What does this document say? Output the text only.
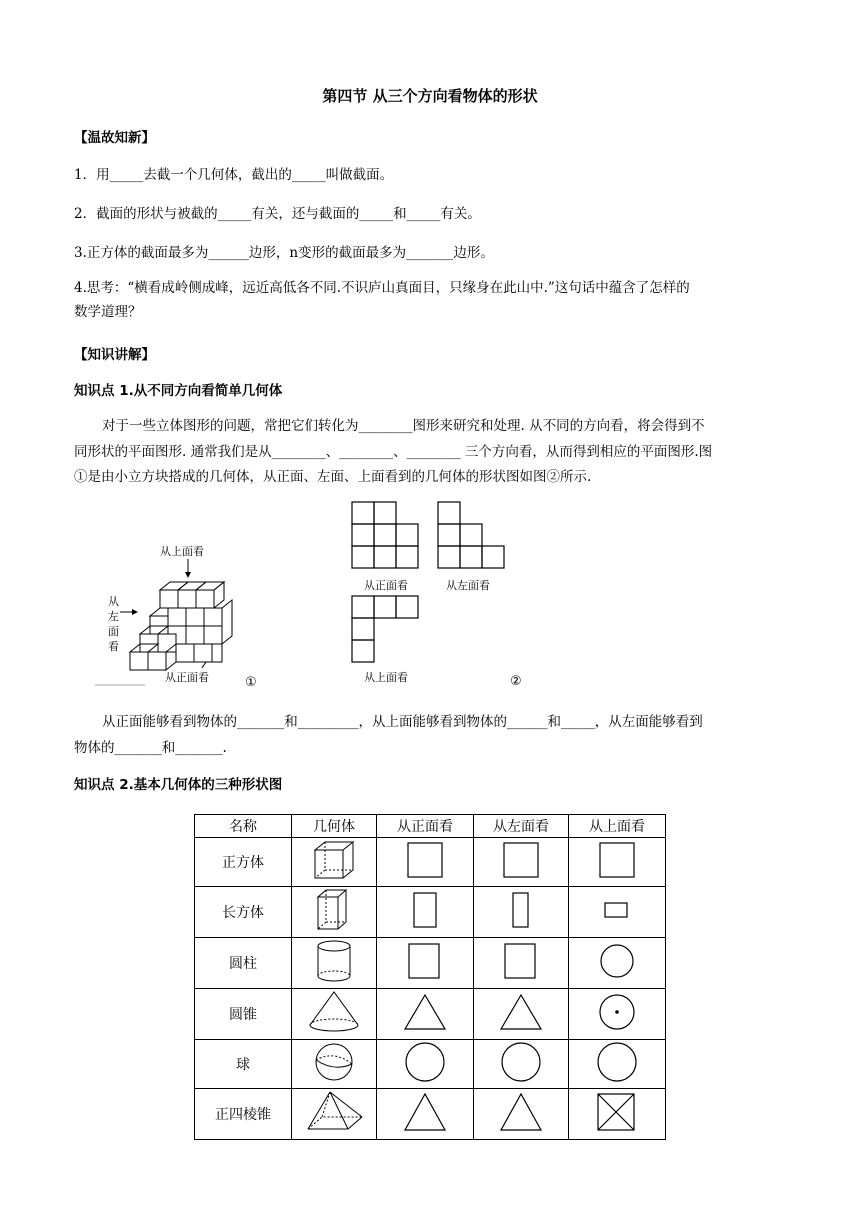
第四节 从三个方向看物体的形状
【温故知新】
1．用_____去截一个几何体，截出的_____叫做截面。
2．截面的形状与被截的_____有关，还与截面的_____和_____有关。
3.正方体的截面最多为______边形，n变形的截面最多为_______边形。
4.思考：“横看成岭侧成峰，远近高低各不同.不识庐山真面目，只缘身在此山中.”这句话中蕴含了怎样的
数学道理？
【知识讲解】
知识点 1.从不同方向看简单几何体
对于一些立体图形的问题，常把它们转化为________图形来研究和处理. 从不同的方向看，将会得到不
同形状的平面图形. 通常我们是从________、________、________ 三个方向看，从而得到相应的平面图形.图
①是由小立方块搭成的几何体，从正面、左面、上面看到的几何体的形状图如图②所示.
从上面看
从
左
面
看
从正面看	①
从正面看	从左面看
从上面看	②
从正面能够看到物体的_______和_________，从上面能够看到物体的______和_____，从左面能够看到
物体的_______和_______.
知识点 2.基本几何体的三种形状图
名称	几何体	从正面看	从左面看	从上面看
正方体				
长方体				
圆柱				
圆锥				
球				
正四棱锥				
